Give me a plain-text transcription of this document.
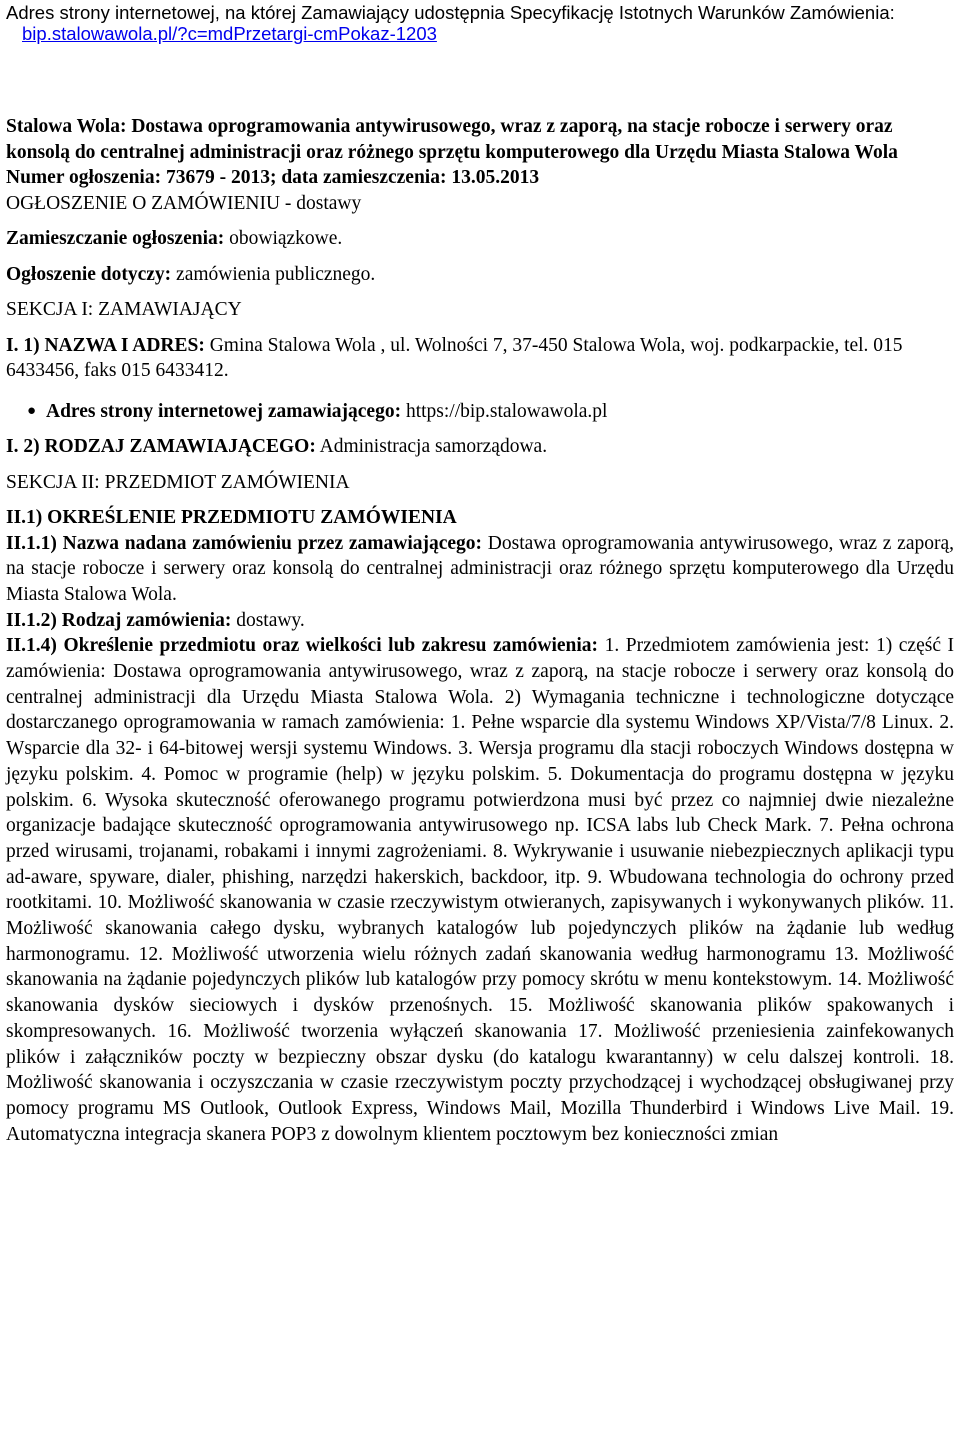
Adres strony internetowej, na której Zamawiający udostępnia Specyfikację Istotnych Warunków Zamówienia:
bip.stalowawola.pl/?c=mdPrzetargi-cmPokaz-1203
Stalowa Wola: Dostawa oprogramowania antywirusowego, wraz z zaporą, na stacje robocze i serwery oraz konsolą do centralnej administracji oraz różnego sprzętu komputerowego dla Urzędu Miasta Stalowa Wola
Numer ogłoszenia: 73679 - 2013; data zamieszczenia: 13.05.2013
OGŁOSZENIE O ZAMÓWIENIU - dostawy
Zamieszczanie ogłoszenia: obowiązkowe.
Ogłoszenie dotyczy: zamówienia publicznego.
SEKCJA I: ZAMAWIAJĄCY
I. 1) NAZWA I ADRES: Gmina Stalowa Wola , ul. Wolności 7, 37-450 Stalowa Wola, woj. podkarpackie, tel. 015 6433456, faks 015 6433412.
● Adres strony internetowej zamawiającego: https://bip.stalowawola.pl
I. 2) RODZAJ ZAMAWIAJĄCEGO: Administracja samorządowa.
SEKCJA II: PRZEDMIOT ZAMÓWIENIA
II.1) OKREŚLENIE PRZEDMIOTU ZAMÓWIENIA
II.1.1) Nazwa nadana zamówieniu przez zamawiającego: Dostawa oprogramowania antywirusowego, wraz z zaporą, na stacje robocze i serwery oraz konsolą do centralnej administracji oraz różnego sprzętu komputerowego dla Urzędu Miasta Stalowa Wola.
II.1.2) Rodzaj zamówienia: dostawy.
II.1.4) Określenie przedmiotu oraz wielkości lub zakresu zamówienia: 1. Przedmiotem zamówienia jest: 1) część I zamówienia: Dostawa oprogramowania antywirusowego, wraz z zaporą, na stacje robocze i serwery oraz konsolą do centralnej administracji dla Urzędu Miasta Stalowa Wola. 2) Wymagania techniczne i technologiczne dotyczące dostarczanego oprogramowania w ramach zamówienia: 1. Pełne wsparcie dla systemu Windows XP/Vista/7/8 Linux. 2. Wsparcie dla 32- i 64-bitowej wersji systemu Windows. 3. Wersja programu dla stacji roboczych Windows dostępna w języku polskim. 4. Pomoc w programie (help) w języku polskim. 5. Dokumentacja do programu dostępna w języku polskim. 6. Wysoka skuteczność oferowanego programu potwierdzona musi być przez co najmniej dwie niezależne organizacje badające skuteczność oprogramowania antywirusowego np. ICSA labs lub Check Mark. 7. Pełna ochrona przed wirusami, trojanami, robakami i innymi zagrożeniami. 8. Wykrywanie i usuwanie niebezpiecznych aplikacji typu ad-aware, spyware, dialer, phishing, narzędzi hakerskich, backdoor, itp. 9. Wbudowana technologia do ochrony przed rootkitami. 10. Możliwość skanowania w czasie rzeczywistym otwieranych, zapisywanych i wykonywanych plików. 11. Możliwość skanowania całego dysku, wybranych katalogów lub pojedynczych plików na żądanie lub według harmonogramu. 12. Możliwość utworzenia wielu różnych zadań skanowania według harmonogramu 13. Możliwość skanowania na żądanie pojedynczych plików lub katalogów przy pomocy skrótu w menu kontekstowym. 14. Możliwość skanowania dysków sieciowych i dysków przenośnych. 15. Możliwość skanowania plików spakowanych i skompresowanych. 16. Możliwość tworzenia wyłączeń skanowania 17. Możliwość przeniesienia zainfekowanych plików i załączników poczty w bezpieczny obszar dysku (do katalogu kwarantanny) w celu dalszej kontroli. 18. Możliwość skanowania i oczyszczania w czasie rzeczywistym poczty przychodzącej i wychodzącej obsługiwanej przy pomocy programu MS Outlook, Outlook Express, Windows Mail, Mozilla Thunderbird i Windows Live Mail. 19. Automatyczna integracja skanera POP3 z dowolnym klientem pocztowym bez konieczności zmian
